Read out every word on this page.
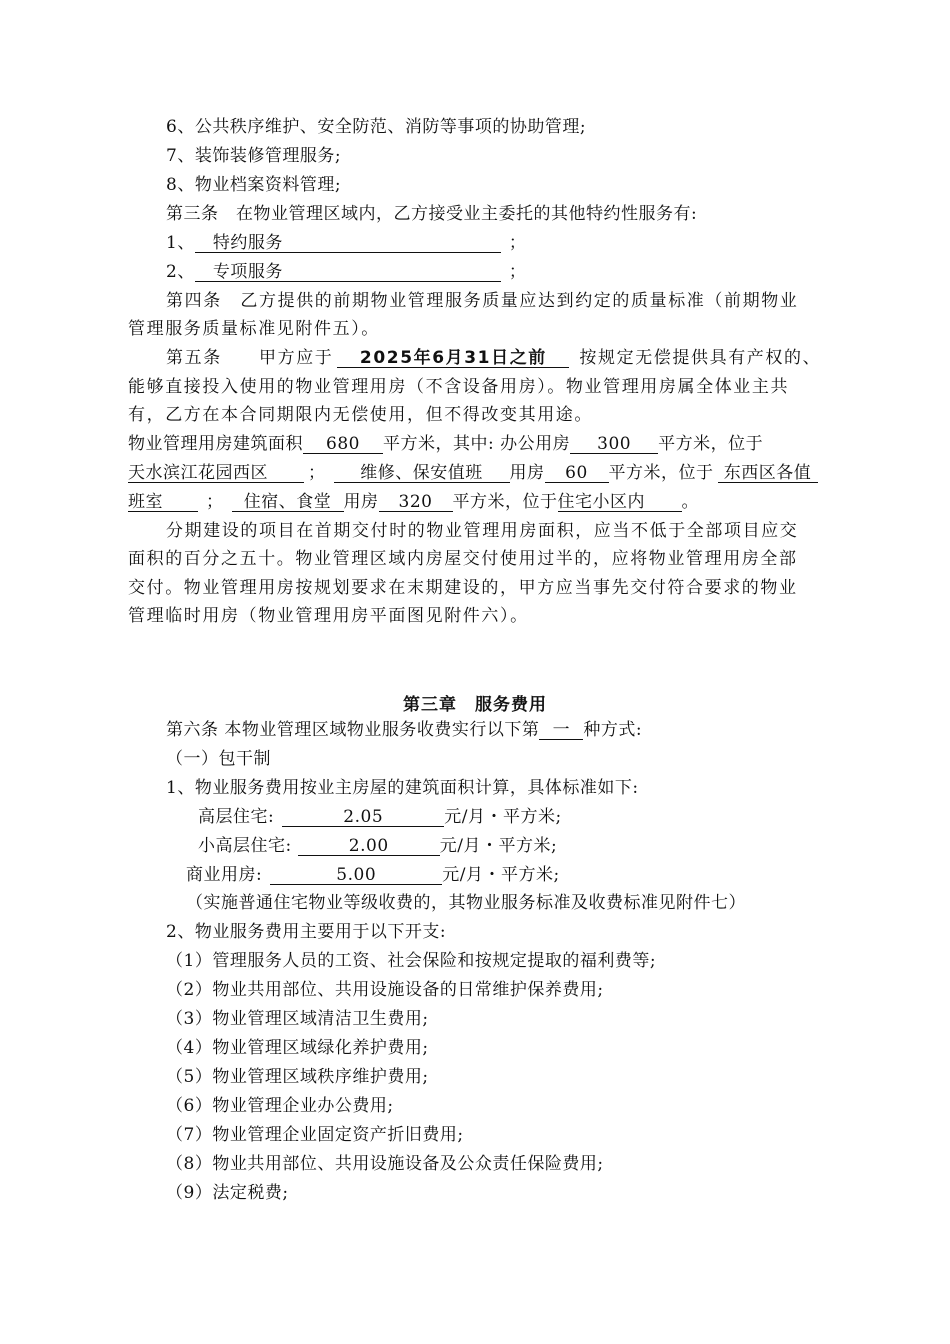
6、公共秩序维护、安全防范、消防等事项的协助管理;
7、装饰装修管理服务;
8、物业档案资料管理;
第三条　在物业管理区域内，乙方接受业主委托的其他特约性服务有:
1、 特约服务	；
2、 专项服务	；
第四条　乙方提供的前期物业管理服务质量应达到约定的质量标准（前期物业
管理服务质量标准见附件五）。
第五条　　甲方应于 2025年6月31日之前 按规定无偿提供具有产权的、
能够直接投入使用的物业管理用房（不含设备用房）。物业管理用房属全体业主共
有，乙方在本合同期限内无偿使用，但不得改变其用途。
物业管理用房建筑面积 680 平方米，其中: 办公用房 300 平方米，位于
天水滨江花园西区 ； 维修、保安值班 用房 60 平方米，位于 东西区各值
班室	； 住宿、食堂 用房 320 平方米，位于住宅小区内 。
分期建设的项目在首期交付时的物业管理用房面积，应当不低于全部项目应交
面积的百分之五十。物业管理区域内房屋交付使用过半的，应将物业管理用房全部
交付。物业管理用房按规划要求在末期建设的，甲方应当事先交付符合要求的物业
管理临时用房（物业管理用房平面图见附件六）。
第三章　服务费用
第六条 本物业管理区域物业服务收费实行以下第 一 种方式:
（一）包干制
1、物业服务费用按业主房屋的建筑面积计算，具体标准如下:
高层住宅:	2.05	元/月・平方米;
小高层住宅:	2.00	元/月・平方米;
商业用房:	5.00	元/月・平方米;
（实施普通住宅物业等级收费的，其物业服务标准及收费标准见附件七）
2、物业服务费用主要用于以下开支:
（1）管理服务人员的工资、社会保险和按规定提取的福利费等;
（2）物业共用部位、共用设施设备的日常维护保养费用;
（3）物业管理区域清洁卫生费用;
（4）物业管理区域绿化养护费用;
（5）物业管理区域秩序维护费用;
（6）物业管理企业办公费用;
（7）物业管理企业固定资产折旧费用;
（8）物业共用部位、共用设施设备及公众责任保险费用;
（9）法定税费;
